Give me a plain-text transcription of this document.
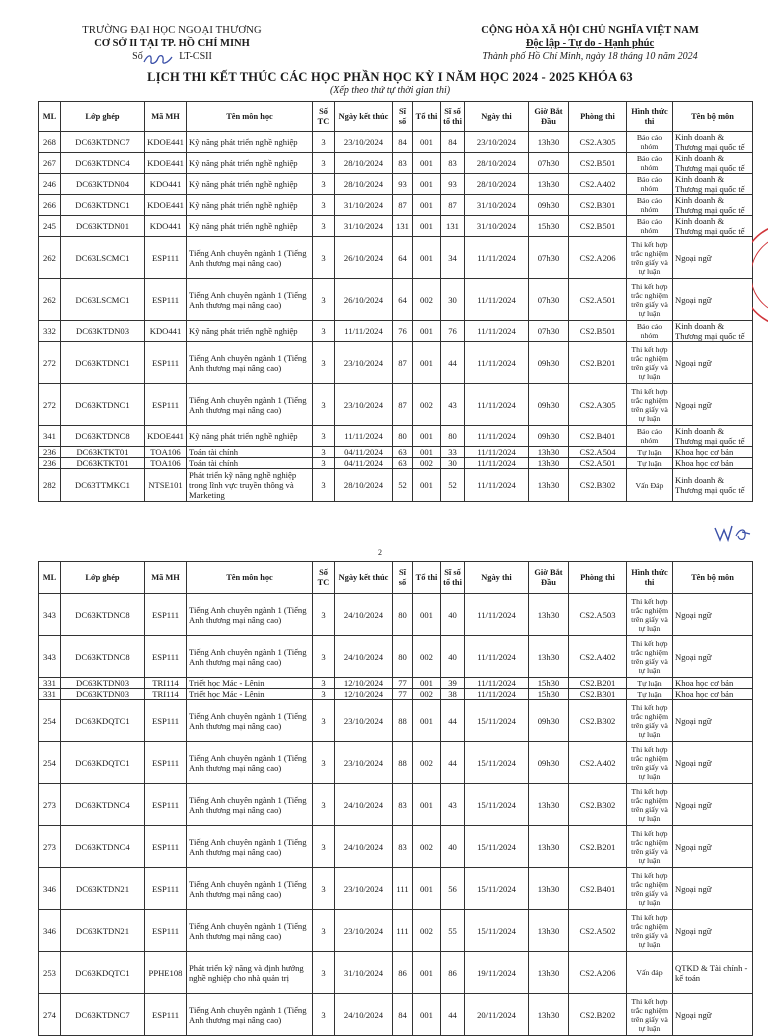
TRƯỜNG ĐẠI HỌC NGOẠI THƯƠNG
CƠ SỞ II TẠI TP. HỒ CHÍ MINH
Số	LT-CSII
CỘNG HÒA XÃ HỘI CHỦ NGHĨA VIỆT NAM
Độc lập - Tự do - Hạnh phúc
Thành phố Hồ Chí Minh, ngày 18 tháng 10 năm 2024
LỊCH THI KẾT THÚC CÁC HỌC PHẦN HỌC KỲ I NĂM HỌC 2024 - 2025 KHÓA 63
(Xếp theo thứ tự thời gian thi)
ML	Lớp ghép	Mã MH	Tên môn học	Số TC	Ngày kết thúc	Sĩ số	Tổ thi	Sĩ số tổ thi	Ngày thi	Giờ Bắt Đầu	Phòng thi	Hình thức thi	Tên bộ môn
268	DC63KTDNC7	KDOE441	Kỹ năng phát triển nghề nghiệp	3	23/10/2024	84	001	84	23/10/2024	13h30	CS2.A305	Báo cáo nhóm	Kinh doanh & Thương mại quốc tế
267	DC63KTDNC4	KDOE441	Kỹ năng phát triển nghề nghiệp	3	28/10/2024	83	001	83	28/10/2024	07h30	CS2.B501	Báo cáo nhóm	Kinh doanh & Thương mại quốc tế
246	DC63KTDN04	KDO441	Kỹ năng phát triển nghề nghiệp	3	28/10/2024	93	001	93	28/10/2024	13h30	CS2.A402	Báo cáo nhóm	Kinh doanh & Thương mại quốc tế
266	DC63KTDNC1	KDOE441	Kỹ năng phát triển nghề nghiệp	3	31/10/2024	87	001	87	31/10/2024	09h30	CS2.B301	Báo cáo nhóm	Kinh doanh & Thương mại quốc tế
245	DC63KTDN01	KDO441	Kỹ năng phát triển nghề nghiệp	3	31/10/2024	131	001	131	31/10/2024	15h30	CS2.B501	Báo cáo nhóm	Kinh doanh & Thương mại quốc tế
262	DC63LSCMC1	ESP111	Tiếng Anh chuyên ngành 1 (Tiếng Anh thương mại nâng cao)	3	26/10/2024	64	001	34	11/11/2024	07h30	CS2.A206	Thi kết hợp trắc nghiệm trên giấy và tự luận	Ngoại ngữ
262	DC63LSCMC1	ESP111	Tiếng Anh chuyên ngành 1 (Tiếng Anh thương mại nâng cao)	3	26/10/2024	64	002	30	11/11/2024	07h30	CS2.A501	Thi kết hợp trắc nghiệm trên giấy và tự luận	Ngoại ngữ
332	DC63KTDN03	KDO441	Kỹ năng phát triển nghề nghiệp	3	11/11/2024	76	001	76	11/11/2024	07h30	CS2.B501	Báo cáo nhóm	Kinh doanh & Thương mại quốc tế
272	DC63KTDNC1	ESP111	Tiếng Anh chuyên ngành 1 (Tiếng Anh thương mại nâng cao)	3	23/10/2024	87	001	44	11/11/2024	09h30	CS2.B201	Thi kết hợp trắc nghiệm trên giấy và tự luận	Ngoại ngữ
272	DC63KTDNC1	ESP111	Tiếng Anh chuyên ngành 1 (Tiếng Anh thương mại nâng cao)	3	23/10/2024	87	002	43	11/11/2024	09h30	CS2.A305	Thi kết hợp trắc nghiệm trên giấy và tự luận	Ngoại ngữ
341	DC63KTDNC8	KDOE441	Kỹ năng phát triển nghề nghiệp	3	11/11/2024	80	001	80	11/11/2024	09h30	CS2.B401	Báo cáo nhóm	Kinh doanh & Thương mại quốc tế
236	DC63KTKT01	TOA106	Toán tài chính	3	04/11/2024	63	001	33	11/11/2024	13h30	CS2.A504	Tự luận	Khoa học cơ bản
236	DC63KTKT01	TOA106	Toán tài chính	3	04/11/2024	63	002	30	11/11/2024	13h30	CS2.A501	Tự luận	Khoa học cơ bản
282	DC63TTMKC1	NTSE101	Phát triển kỹ năng nghề nghiệp trong lĩnh vực truyền thông và Marketing	3	28/10/2024	52	001	52	11/11/2024	13h30	CS2.B302	Vấn Đáp	Kinh doanh & Thương mại quốc tế
2
ML	Lớp ghép	Mã MH	Tên môn học	Số TC	Ngày kết thúc	Sĩ số	Tổ thi	Sĩ số tổ thi	Ngày thi	Giờ Bắt Đầu	Phòng thi	Hình thức thi	Tên bộ môn
343	DC63KTDNC8	ESP111	Tiếng Anh chuyên ngành 1 (Tiếng Anh thương mại nâng cao)	3	24/10/2024	80	001	40	11/11/2024	13h30	CS2.A503	Thi kết hợp trắc nghiệm trên giấy và tự luận	Ngoại ngữ
343	DC63KTDNC8	ESP111	Tiếng Anh chuyên ngành 1 (Tiếng Anh thương mại nâng cao)	3	24/10/2024	80	002	40	11/11/2024	13h30	CS2.A402	Thi kết hợp trắc nghiệm trên giấy và tự luận	Ngoại ngữ
331	DC63KTDN03	TRI114	Triết học Mác - Lênin	3	12/10/2024	77	001	39	11/11/2024	15h30	CS2.B201	Tự luận	Khoa học cơ bản
331	DC63KTDN03	TRI114	Triết học Mác - Lênin	3	12/10/2024	77	002	38	11/11/2024	15h30	CS2.B301	Tự luận	Khoa học cơ bản
254	DC63KDQTC1	ESP111	Tiếng Anh chuyên ngành 1 (Tiếng Anh thương mại nâng cao)	3	23/10/2024	88	001	44	15/11/2024	09h30	CS2.B302	Thi kết hợp trắc nghiệm trên giấy và tự luận	Ngoại ngữ
254	DC63KDQTC1	ESP111	Tiếng Anh chuyên ngành 1 (Tiếng Anh thương mại nâng cao)	3	23/10/2024	88	002	44	15/11/2024	09h30	CS2.A402	Thi kết hợp trắc nghiệm trên giấy và tự luận	Ngoại ngữ
273	DC63KTDNC4	ESP111	Tiếng Anh chuyên ngành 1 (Tiếng Anh thương mại nâng cao)	3	24/10/2024	83	001	43	15/11/2024	13h30	CS2.B302	Thi kết hợp trắc nghiệm trên giấy và tự luận	Ngoại ngữ
273	DC63KTDNC4	ESP111	Tiếng Anh chuyên ngành 1 (Tiếng Anh thương mại nâng cao)	3	24/10/2024	83	002	40	15/11/2024	13h30	CS2.B201	Thi kết hợp trắc nghiệm trên giấy và tự luận	Ngoại ngữ
346	DC63KTDN21	ESP111	Tiếng Anh chuyên ngành 1 (Tiếng Anh thương mại nâng cao)	3	23/10/2024	111	001	56	15/11/2024	13h30	CS2.B401	Thi kết hợp trắc nghiệm trên giấy và tự luận	Ngoại ngữ
346	DC63KTDN21	ESP111	Tiếng Anh chuyên ngành 1 (Tiếng Anh thương mại nâng cao)	3	23/10/2024	111	002	55	15/11/2024	13h30	CS2.A502	Thi kết hợp trắc nghiệm trên giấy và tự luận	Ngoại ngữ
253	DC63KDQTC1	PPHE108	Phát triển kỹ năng và định hướng nghề nghiệp cho nhà quản trị	3	31/10/2024	86	001	86	19/11/2024	13h30	CS2.A206	Vấn đáp	QTKD & Tài chính - kế toán
274	DC63KTDNC7	ESP111	Tiếng Anh chuyên ngành 1 (Tiếng Anh thương mại nâng cao)	3	24/10/2024	84	001	44	20/11/2024	13h30	CS2.B202	Thi kết hợp trắc nghiệm trên giấy và tự luận	Ngoại ngữ
